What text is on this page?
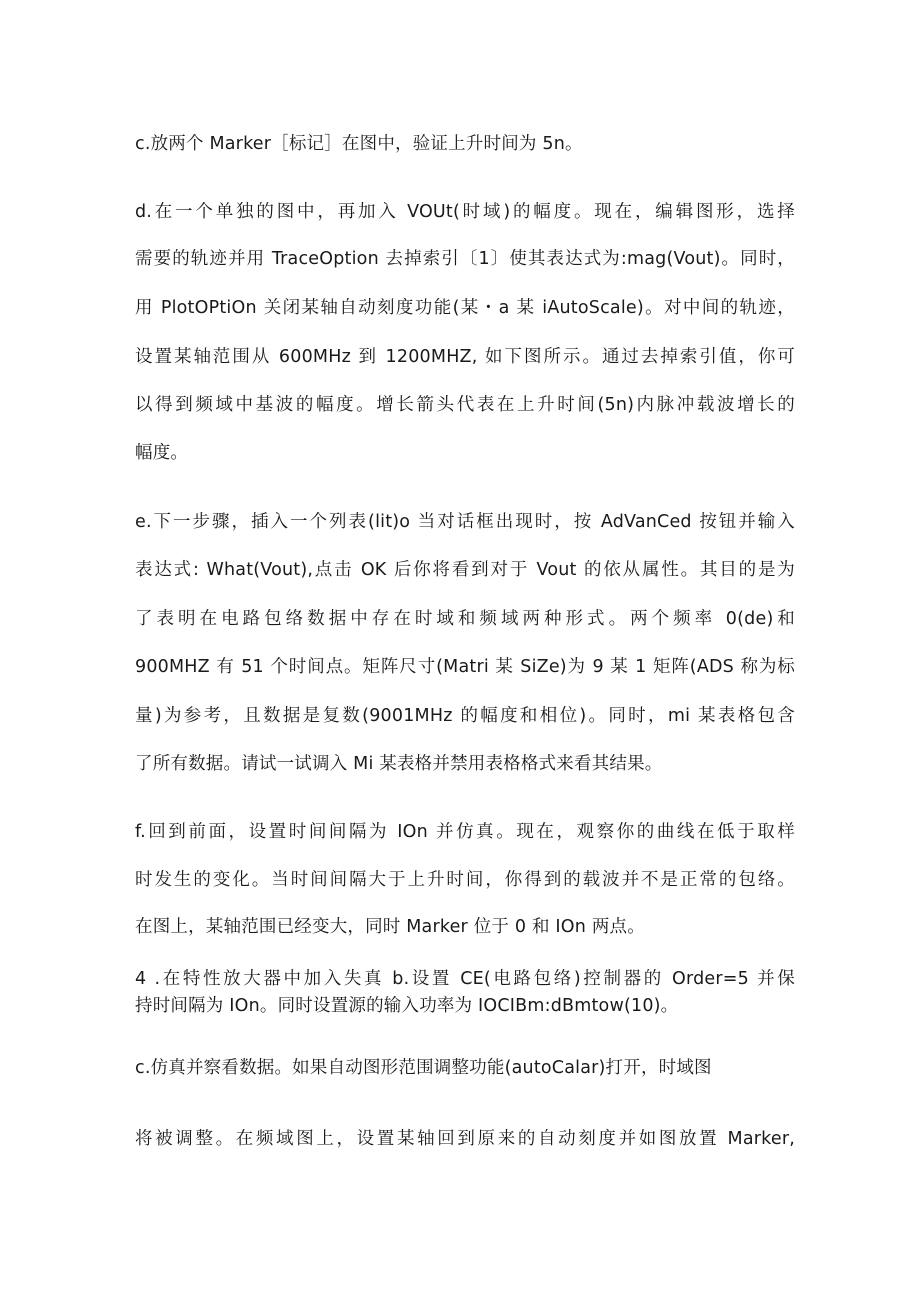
c.放两个 Marker［标记］在图中，验证上升时间为 5n。
d.在一个单独的图中，再加入 VOUt(时域)的幅度。现在，编辑图形，选择
需要的轨迹并用 TraceOption 去掉索引〔1〕使其表达式为:mag(Vout)。同时，
用 PlotOPtiOn 关闭某轴自动刻度功能(某・a 某 iAutoScale)。对中间的轨迹，
设置某轴范围从 600MHz 到 1200MHZ, 如下图所示。通过去掉索引值，你可
以得到频域中基波的幅度。增长箭头代表在上升时间(5n)内脉冲载波增长的
幅度。
e.下一步骤，插入一个列表(lit)o 当对话框出现时，按 AdVanCed 按钮并输入
表达式: What(Vout),点击 OK 后你将看到对于 Vout 的依从属性。其目的是为
了表明在电路包络数据中存在时域和频域两种形式。两个频率 0(de)和
900MHZ 有 51 个时间点。矩阵尺寸(Matri 某 SiZe)为 9 某 1 矩阵(ADS 称为标
量)为参考，且数据是复数(9001MHz 的幅度和相位)。同时，mi 某表格包含
了所有数据。请试一试调入 Mi 某表格并禁用表格格式来看其结果。
f.回到前面，设置时间间隔为 IOn 并仿真。现在，观察你的曲线在低于取样
时发生的变化。当时间间隔大于上升时间，你得到的载波并不是正常的包络。
在图上，某轴范围已经变大，同时 Marker 位于 0 和 IOn 两点。
4 .在特性放大器中加入失真 b.设置 CE(电路包络)控制器的 Order=5 并保
持时间隔为 IOn。同时设置源的输入功率为 IOCIBm:dBmtow(10)。
c.仿真并察看数据。如果自动图形范围调整功能(autoCalar)打开，时域图
将被调整。在频域图上，设置某轴回到原来的自动刻度并如图放置 Marker,
